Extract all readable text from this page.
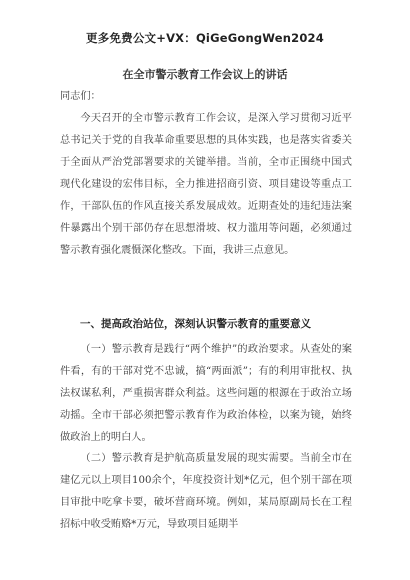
更多免费公文+VX：QiGeGongWen2024
在全市警示教育工作会议上的讲话
同志们：

今天召开的全市警示教育工作会议，是深入学习贯彻习近平总书记关于党的自我革命重要思想的具体实践，也是落实省委关于全面从严治党部署要求的关键举措。当前，全市正围绕中国式现代化建设的宏伟目标，全力推进招商引资、项目建设等重点工作，干部队伍的作风直接关系发展成效。近期查处的违纪违法案件暴露出个别干部仍存在思想滑坡、权力滥用等问题，必须通过警示教育强化震慑深化整改。下面，我讲三点意见。

一、提高政治站位，深刻认识警示教育的重要意义

（一）警示教育是践行“两个维护”的政治要求。从查处的案件看，有的干部对党不忠诚，搞“两面派”；有的利用审批权、执法权谋私利，严重损害群众利益。这些问题的根源在于政治立场动摇。全市干部必须把警示教育作为政治体检，以案为镜，始终做政治上的明白人。

（二）警示教育是护航高质量发展的现实需要。当前全市在建亿元以上项目100余个，年度投资计划*亿元，但个别干部在项目审批中吃拿卡要，破坏营商环境。例如，某局原副局长在工程招标中收受贿赂*万元，导致项目延期半
